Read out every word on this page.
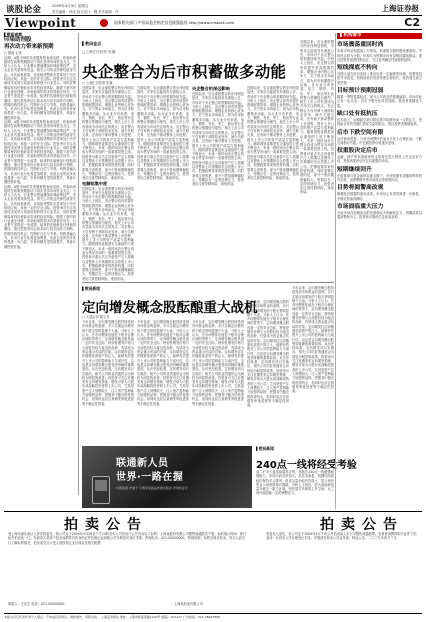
谈股论金	2009年4月3日 星期五
责任编辑：徐成 版式设计：魏 美术编辑：吕	上海证券报
Viewpoint	国家相关部门 中国证监会指定信息披露报纸 http://www.cnstock.com	C2
▌数码观察
印染助剂股
再次动力带来新预期
□ 德周 记者
近期，A股市场的各类题材股表现活跃，印染助剂板块在政策预期推动下再次获得市场资金关注。分析人士认为，行业整合提速叠加环保政策趋严，龙头企业有望持续受益，相关公司的业绩弹性值得关注。从估值角度看，目前板块整体市盈率处于历史较低区间，具备一定的安全边际。投资者可关注具备技术优势与渠道优势的细分行业龙头，同时应警惕原材料价格波动带来的经营风险。随着下游纺织行业逐步回暖，印染助剂的需求有望稳步回升，行业景气度将进一步改善，板块的估值修复行情值得期待。建议投资者结合基本面与技术面综合判断，把握结构性机会，控制好仓位与节奏。机构普遍认为，后市行业分化将更加明显，优质企业的竞争优势将进一步凸显，市场份额有望持续提升，具备长期投资价值。
近期，A股市场的各类题材股表现活跃，印染助剂板块在政策预期推动下再次获得市场资金关注。分析人士认为，行业整合提速叠加环保政策趋严，龙头企业有望持续受益，相关公司的业绩弹性值得关注。从估值角度看，目前板块整体市盈率处于历史较低区间，具备一定的安全边际。投资者可关注具备技术优势与渠道优势的细分行业龙头，同时应警惕原材料价格波动带来的经营风险。随着下游纺织行业逐步回暖，印染助剂的需求有望稳步回升，行业景气度将进一步改善，板块的估值修复行情值得期待。建议投资者结合基本面与技术面综合判断，把握结构性机会，控制好仓位与节奏。机构普遍认为，后市行业分化将更加明显，优质企业的竞争优势将进一步凸显，市场份额有望持续提升，具备长期投资价值。
近期，A股市场的各类题材股表现活跃，印染助剂板块在政策预期推动下再次获得市场资金关注。分析人士认为，行业整合提速叠加环保政策趋严，龙头企业有望持续受益，相关公司的业绩弹性值得关注。从估值角度看，目前板块整体市盈率处于历史较低区间，具备一定的安全边际。投资者可关注具备技术优势与渠道优势的细分行业龙头，同时应警惕原材料价格波动带来的经营风险。随着下游纺织行业逐步回暖，印染助剂的需求有望稳步回升，行业景气度将进一步改善，板块的估值修复行情值得期待。建议投资者结合基本面与技术面综合判断，把握结构性机会，控制好仓位与节奏。机构普遍认为，后市行业分化将更加明显，优质企业的竞争优势将进一步凸显，市场份额有望持续提升，具备长期投资价值。
▌数码金点
□上海汇信投资 张翼
央企整合为后市积蓄做多动能
□ 上海汇信投资 张翼
近期以来，央企重组整合的步伐明显加快，多家央企陆续发布重组公告，市场对于央企整合的预期持续升温。分析人士指出，央企整合将有效提升资源配置效率，增强企业的核心竞争力，对于资本市场而言，将为后市积蓄做多动能。从行业分布来看，电力、钢铁、有色、军工、航运等行业的整合预期较为强烈，相关上市公司有望成为市场关注的焦点。央企整合不仅有利于消除同业竞争，减少关联交易，还有助于推动整体上市进程，提升上市公司的资产质量与盈利能力。随着国资委推进央企重组的力度不断加大，未来一段时间央企整合将成为贯穿市场的一条重要投资主线。投资者可重点关注具备资产注入预期以及整体上市预期的央企控股上市公司，把握政策带来的投资机遇。同时需要注意的是，部分个股前期涨幅较大，短期存在一定的回调压力，投资者应注意控制风险，逢低布局。
电解铝集中度
近期以来，央企重组整合的步伐明显加快，多家央企陆续发布重组公告，市场对于央企整合的预期持续升温。分析人士指出，央企整合将有效提升资源配置效率，增强企业的核心竞争力，对于资本市场而言，将为后市积蓄做多动能。从行业分布来看，电力、钢铁、有色、军工、航运等行业的整合预期较为强烈，相关上市公司有望成为市场关注的焦点。央企整合不仅有利于消除同业竞争，减少关联交易，还有助于推动整体上市进程，提升上市公司的资产质量与盈利能力。随着国资委推进央企重组的力度不断加大，未来一段时间央企整合将成为贯穿市场的一条重要投资主线。投资者可重点关注具备资产注入预期以及整体上市预期的央企控股上市公司，把握政策带来的投资机遇。同时需要注意的是，部分个股前期涨幅较大，短期存在一定的回调压力，投资者应注意控制风险，逢低布局。
近期以来，央企重组整合的步伐明显加快，多家央企陆续发布重组公告，市场对于央企整合的预期持续升温。分析人士指出，央企整合将有效提升资源配置效率，增强企业的核心竞争力，对于资本市场而言，将为后市积蓄做多动能。从行业分布来看，电力、钢铁、有色、军工、航运等行业的整合预期较为强烈，相关上市公司有望成为市场关注的焦点。央企整合不仅有利于消除同业竞争，减少关联交易，还有助于推动整体上市进程，提升上市公司的资产质量与盈利能力。随着国资委推进央企重组的力度不断加大，未来一段时间央企整合将成为贯穿市场的一条重要投资主线。投资者可重点关注具备资产注入预期以及整体上市预期的央企控股上市公司，把握政策带来的投资机遇。同时需要注意的是，部分个股前期涨幅较大，短期存在一定的回调压力，投资者应注意控制风险，逢低布局。
央企整合的深远影响
近期以来，央企重组整合的步伐明显加快，多家央企陆续发布重组公告，市场对于央企整合的预期持续升温。分析人士指出，央企整合将有效提升资源配置效率，增强企业的核心竞争力，对于资本市场而言，将为后市积蓄做多动能。从行业分布来看，电力、钢铁、有色、军工、航运等行业的整合预期较为强烈，相关上市公司有望成为市场关注的焦点。央企整合不仅有利于消除同业竞争，减少关联交易，还有助于推动整体上市进程，提升上市公司的资产质量与盈利能力。随着国资委推进央企重组的力度不断加大，未来一段时间央企整合将成为贯穿市场的一条重要投资主线。投资者可重点关注具备资产注入预期以及整体上市预期的央企控股上市公司，把握政策带来的投资机遇。同时需要注意的是，部分个股前期涨幅较大，短期存在一定的回调压力，投资者应注意控制风险，逢低布局。
近期以来，央企重组整合的步伐明显加快，多家央企陆续发布重组公告，市场对于央企整合的预期持续升温。分析人士指出，央企整合将有效提升资源配置效率，增强企业的核心竞争力，对于资本市场而言，将为后市积蓄做多动能。从行业分布来看，电力、钢铁、有色、军工、航运等行业的整合预期较为强烈，相关上市公司有望成为市场关注的焦点。央企整合不仅有利于消除同业竞争，减少关联交易，还有助于推动整体上市进程，提升上市公司的资产质量与盈利能力。随着国资委推进央企重组的力度不断加大，未来一段时间央企整合将成为贯穿市场的一条重要投资主线。投资者可重点关注具备资产注入预期以及整体上市预期的央企控股上市公司，把握政策带来的投资机遇。同时需要注意的是，部分个股前期涨幅较大，短期存在一定的回调压力，投资者应注意控制风险，逢低布局。
近期以来，央企重组整合的步伐明显加快，多家央企陆续发布重组公告，市场对于央企整合的预期持续升温。分析人士指出，央企整合将有效提升资源配置效率，增强企业的核心竞争力，对于资本市场而言，将为后市积蓄做多动能。从行业分布来看，电力、钢铁、有色、军工、航运等行业的整合预期较为强烈，相关上市公司有望成为市场关注的焦点。央企整合不仅有利于消除同业竞争，减少关联交易，还有助于推动整体上市进程，提升上市公司的资产质量与盈利能力。随着国资委推进央企重组的力度不断加大，未来一段时间央企整合将成为贯穿市场的一条重要投资主线。投资者可重点关注具备资产注入预期以及整体上市预期的央企控股上市公司，把握政策带来的投资机遇。同时需要注意的是，部分个股前期涨幅较大，短期存在一定的回调压力，投资者应注意控制风险，逢低布局。
▌数码新闻
定向增发概念股酝酿重大战机
□ 大通证券 董文龙
今年以来，定向增发概念股持续受到市场资金的追捧，多只实施定向增发的个股走势明显强于大盘。分析人士认为，在市场整体估值处于相对合理区间的背景下，定向增发概念股具备一定的安全边际，特别是增发价格与当前股价较为接近的品种，有望成为资金重点布局的对象。定向增发往往伴随着优质资产的注入，能够有效提升上市公司的盈利能力与成长性，这也是定向增发概念股受到青睐的重要原因。从历史经验看，定向增发项目实施后，相关公司的业绩通常会出现较为明显的改善。投资者可关注近期发布定向增发预案、增发对象为大股东或战略投资者的上市公司，尤其是资产注入规模较大、注入资产盈利能力较强的品种，把握其中蕴含的投资机会，但同时也应注意增发审批进度等不确定性因素。
今年以来，定向增发概念股持续受到市场资金的追捧，多只实施定向增发的个股走势明显强于大盘。分析人士认为，在市场整体估值处于相对合理区间的背景下，定向增发概念股具备一定的安全边际，特别是增发价格与当前股价较为接近的品种，有望成为资金重点布局的对象。定向增发往往伴随着优质资产的注入，能够有效提升上市公司的盈利能力与成长性，这也是定向增发概念股受到青睐的重要原因。从历史经验看，定向增发项目实施后，相关公司的业绩通常会出现较为明显的改善。投资者可关注近期发布定向增发预案、增发对象为大股东或战略投资者的上市公司，尤其是资产注入规模较大、注入资产盈利能力较强的品种，把握其中蕴含的投资机会，但同时也应注意增发审批进度等不确定性因素。
今年以来，定向增发概念股持续受到市场资金的追捧，多只实施定向增发的个股走势明显强于大盘。分析人士认为，在市场整体估值处于相对合理区间的背景下，定向增发概念股具备一定的安全边际，特别是增发价格与当前股价较为接近的品种，有望成为资金重点布局的对象。定向增发往往伴随着优质资产的注入，能够有效提升上市公司的盈利能力与成长性，这也是定向增发概念股受到青睐的重要原因。从历史经验看，定向增发项目实施后，相关公司的业绩通常会出现较为明显的改善。投资者可关注近期发布定向增发预案、增发对象为大股东或战略投资者的上市公司，尤其是资产注入规模较大、注入资产盈利能力较强的品种，把握其中蕴含的投资机会，但同时也应注意增发审批进度等不确定性因素。
今年以来，定向增发概念股持续受到市场资金的追捧，多只实施定向增发的个股走势明显强于大盘。分析人士认为，在市场整体估值处于相对合理区间的背景下，定向增发概念股具备一定的安全边际，特别是增发价格与当前股价较为接近的品种，有望成为资金重点布局的对象。定向增发往往伴随着优质资产的注入，能够有效提升上市公司的盈利能力与成长性，这也是定向增发概念股受到青睐的重要原因。从历史经验看，定向增发项目实施后，相关公司的业绩通常会出现较为明显的改善。投资者可关注近期发布定向增发预案、增发对象为大股东或战略投资者的上市公司，尤其是资产注入规模较大、注入资产盈利能力较强的品种，把握其中蕴含的投资机会，但同时也应注意增发审批进度等不确定性因素。
今年以来，定向增发概念股持续受到市场资金的追捧，多只实施定向增发的个股走势明显强于大盘。分析人士认为，在市场整体估值处于相对合理区间的背景下，定向增发概念股具备一定的安全边际，特别是增发价格与当前股价较为接近的品种，有望成为资金重点布局的对象。定向增发往往伴随着优质资产的注入，能够有效提升上市公司的盈利能力与成长性，这也是定向增发概念股受到青睐的重要原因。从历史经验看，定向增发项目实施后，相关公司的业绩通常会出现较为明显的改善。投资者可关注近期发布定向增发预案、增发对象为大股东或战略投资者的上市公司，尤其是资产注入规模较大、注入资产盈利能力较强的品种，把握其中蕴含的投资机会，但同时也应注意增发审批进度等不确定性因素。
联通新人员
世界·一路在握
中国联通 沪通卡 尽情享受高品质通话服务 详询营业厅
▌数码新闻
240点一线将经受考验
周二沪市大盘延续震荡走势，指数在240点一线遭遇较强阻力，市场分歧有所加大。从技术面看，短期均线系统仍保持多头排列，但成交量未能有效放大，显示场外资金入场意愿相对谨慎。分析人士指出，若大盘能够放量突破这一阻力区域，则有望打开新的上升空间；反之则可能面临一定的调整压力。
▌机构看市
市场震荡重回时尚
本周市场呈现震荡上行格局，权重股与题材股轮番表现，市场热点较为分散。机构认为短期市场有望维持震荡格局，建议投资者适度控制仓位，关注业绩确定性较强的品种。
短线探底不转向
近期大盘在经历连续上涨后出现一定幅度的回调，但整体趋势并未改变，短线探底后有望再度企稳回升，投资者无需过度悲观。
目标预计预期冠弱
随着一季报披露临近，部分公司的业绩预期偏弱，市场对此已有一定反应，后市个股分化或将加剧，投资者需精选个股。
缺口处有抵抗压
技术面上，前期跳空缺口附近将对指数形成一定的压力，短线能否有效突破仍需成交量的配合，建议投资者谨慎追高。
后市下跌空间有限
从估值角度看，当前市场整体估值水平处于合理区间，下跌空间相对有限，中长期投资价值逐步显现。
权重股决定后市
金融、地产等权重板块的走势将在很大程度上决定后市方向，投资者需密切关注权重股的动向。
短期继续回升
在政策面与资金面的双重支撑下，市场短期有望继续保持回升态势，但需警惕外围市场波动带来的扰动。
目势将阅警高改观
随着经济数据的逐步改善，市场信心有望得到进一步修复，中期走势值得期待。
市场面临重大压力
当前市场在前期高点附近面临较大的解套压力，短期或将以震荡整理为主，投资者可逢低关注优质品种。
拍卖公告	拍卖公告
受上海市浦东新区人民法院委托，我公司定于2009年4月28日下午14时在本公司拍卖厅公开拍卖以下标的：上海某股份有限公司限售流通股若干股。标的展示时间：即日起至拍卖前一日。有意竞买者请于拍卖前携带有效身份证件及保证金到我公司办理竞买登记手续。咨询电话：021-00000000。特别说明：标的以现状拍卖，竞买人应自行了解标的情况，拍卖成交后买受人须按规定支付佣金及相关税费。
联系人：王先生 电话：021-00000000	上海某拍卖有限公司
受委托人委托，本公司定于2009年4月下旬公开拍卖某上市公司限售流通股票。有意者请携带相关证件于拍卖前一日到本公司办理登记手续。详情请咨询本公司业务部。特此公告。二〇〇九年四月三日
本版文章仅代表作者个人观点，不构成投资建议。据此操作，风险自担。 上海证券报社 地址：上海市杨高南路1100号 邮编：200127 广告热线：021-38967888
